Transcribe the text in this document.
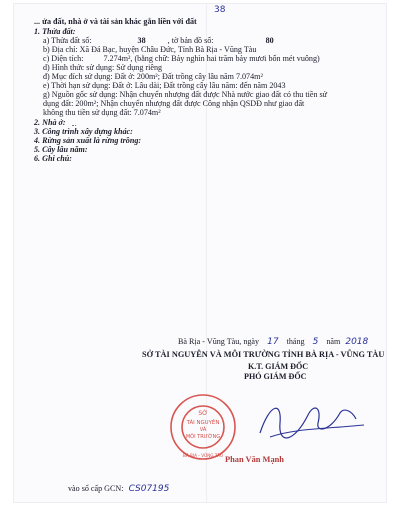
38
... ửa đất, nhà ở và tài sản khác gắn liền với đất
1. Thửa đất:
a) Thửa đất số:	38	, tờ bản đồ số:	80
b) Địa chỉ: Xã Đá Bạc, huyện Châu Đức, Tỉnh Bà Rịa - Vũng Tàu
c) Diện tích: 7.274m², (bằng chữ: Bảy nghìn hai trăm bảy mươi bốn mét vuông)
d) Hình thức sử dụng: Sử dụng riêng
đ) Mục đích sử dụng: Đất ở: 200m²; Đất trồng cây lâu năm 7.074m²
e) Thời hạn sử dụng: Đất ở: Lâu dài; Đất trồng cây lâu năm: đến năm 2043
g) Nguồn gốc sử dụng: Nhận chuyển nhượng đất được Nhà nước giao đất có thu tiền sử
dụng đất: 200m²; Nhận chuyển nhượng đất được Công nhận QSDĐ như giao đất
không thu tiền sử dụng đất: 7.074m²
2. Nhà ở:
3. Công trình xây dựng khác:
4. Rừng sản xuất là rừng trồng:
5. Cây lâu năm:
6. Ghi chú:
Bà Rịa - Vũng Tàu, ngày 17 tháng 5 năm 2018
SỞ TÀI NGUYÊN VÀ MÔI TRƯỜNG TỈNH BÀ RỊA - VŨNG TÀU
K.T. GIÁM ĐỐC
PHÓ GIÁM ĐỐC
SỞ
TÀI NGUYÊN
VÀ
MÔI TRƯỜNG
BÀ RỊA - VŨNG TÀU Phan Văn Mạnh
vào sổ cấp GCN: CS07195
